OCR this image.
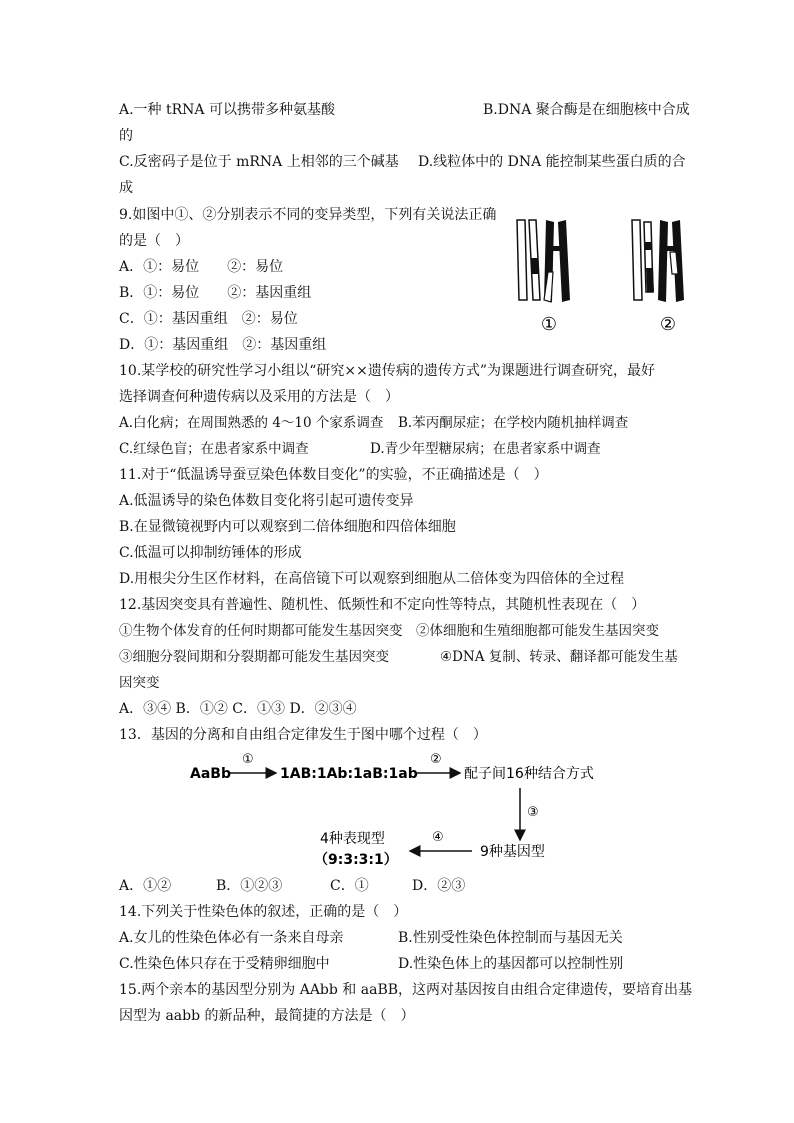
A.一种 tRNA 可以携带多种氨基酸	B.DNA 聚合酶是在细胞核中合成
的
C.反密码子是位于 mRNA 上相邻的三个碱基 D.线粒体中的 DNA 能控制某些蛋白质的合
成
9.如图中①、②分别表示不同的变异类型，下列有关说法正确
的是（　）
A．①：易位　　②：易位
B．①：易位　　②：基因重组
C．①：基因重组　②：易位
D．①：基因重组　②：基因重组
①	②
10.某学校的研究性学习小组以“研究××遗传病的遗传方式”为课题进行调查研究，最好
选择调查何种遗传病以及采用的方法是（　）
A.白化病；在周围熟悉的 4～10 个家系调查 B.苯丙酮尿症；在学校内随机抽样调查
C.红绿色盲；在患者家系中调查	D.青少年型糖尿病；在患者家系中调查
11.对于“低温诱导蚕豆染色体数目变化”的实验，不正确描述是（　）
A.低温诱导的染色体数目变化将引起可遗传变异
B.在显微镜视野内可以观察到二倍体细胞和四倍体细胞
C.低温可以抑制纺锤体的形成
D.用根尖分生区作材料，在高倍镜下可以观察到细胞从二倍体变为四倍体的全过程
12.基因突变具有普遍性、随机性、低频性和不定向性等特点，其随机性表现在（　）
①生物个体发育的任何时期都可能发生基因突变　②体细胞和生殖细胞都可能发生基因突变
③细胞分裂间期和分裂期都可能发生基因突变	④DNA 复制、转录、翻译都可能发生基
因突变
A．③④ B．①② C．①③ D．②③④
13．基因的分离和自由组合定律发生于图中哪个过程（　）
AaBb
①
1AB:1Ab:1aB:1ab
②
配子间16种结合方式
③
9种基因型
④
4种表现型
（9:3:3:1）
A．①②	B．①②③	C．①	D．②③
14.下列关于性染色体的叙述，正确的是（　）
A.女儿的性染色体必有一条来自母亲	B.性别受性染色体控制而与基因无关
C.性染色体只存在于受精卵细胞中	D.性染色体上的基因都可以控制性别
15.两个亲本的基因型分别为 AAbb 和 aaBB，这两对基因按自由组合定律遗传，要培育出基
因型为 aabb 的新品种，最简捷的方法是（　）
